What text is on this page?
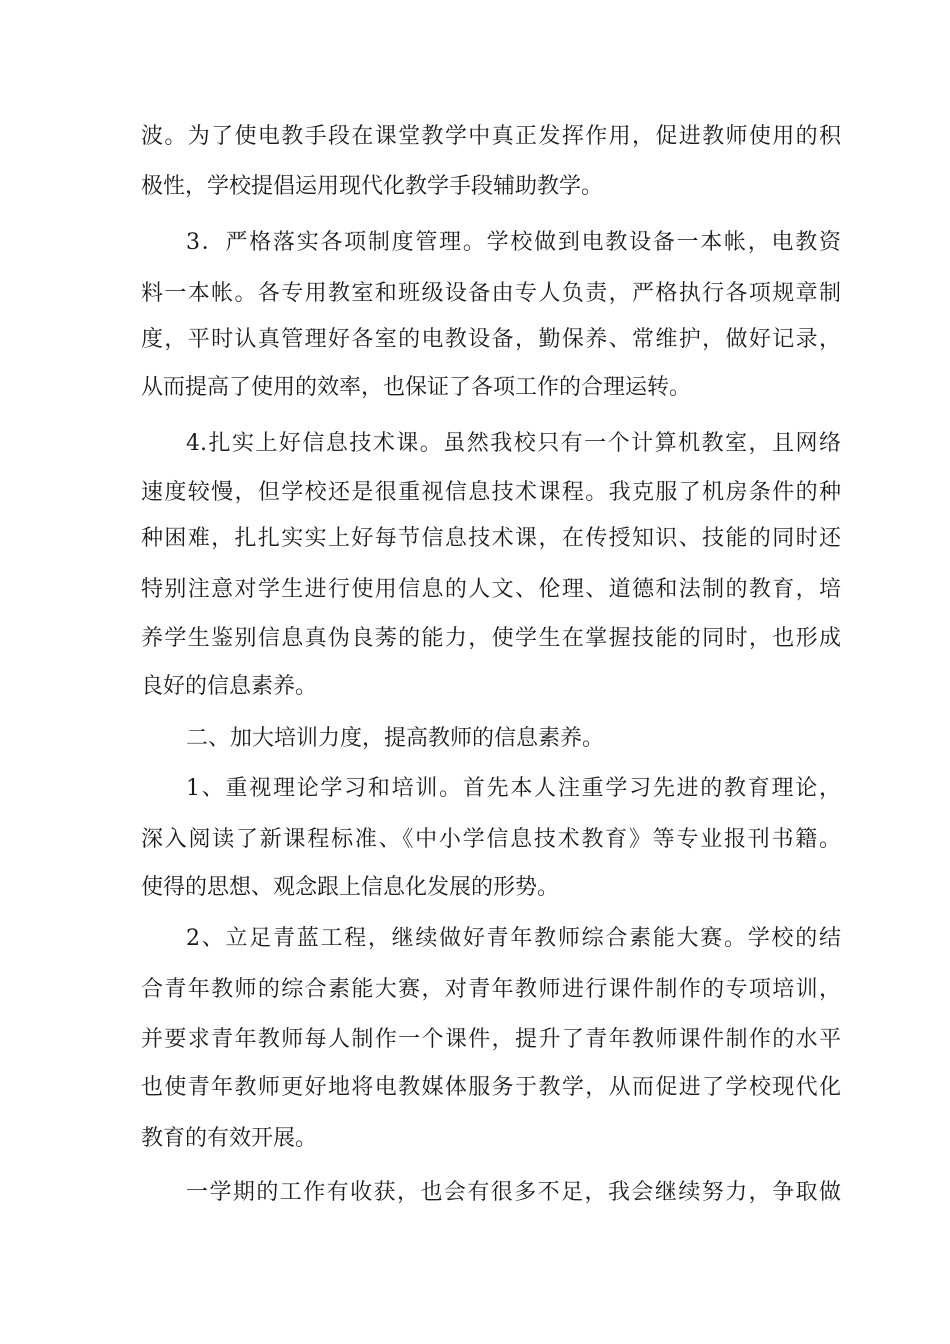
波。为了使电教手段在课堂教学中真正发挥作用，促进教师使用的积
极性，学校提倡运用现代化教学手段辅助教学。
3．严格落实各项制度管理。学校做到电教设备一本帐，电教资
料一本帐。各专用教室和班级设备由专人负责，严格执行各项规章制
度，平时认真管理好各室的电教设备，勤保养、常维护，做好记录，
从而提高了使用的效率，也保证了各项工作的合理运转。
4.扎实上好信息技术课。虽然我校只有一个计算机教室，且网络
速度较慢，但学校还是很重视信息技术课程。我克服了机房条件的种
种困难，扎扎实实上好每节信息技术课，在传授知识、技能的同时还
特别注意对学生进行使用信息的人文、伦理、道德和法制的教育，培
养学生鉴别信息真伪良莠的能力，使学生在掌握技能的同时，也形成
良好的信息素养。
二、加大培训力度，提高教师的信息素养。
1、重视理论学习和培训。首先本人注重学习先进的教育理论，
深入阅读了新课程标准、《中小学信息技术教育》等专业报刊书籍。
使得的思想、观念跟上信息化发展的形势。
2、立足青蓝工程，继续做好青年教师综合素能大赛。学校的结
合青年教师的综合素能大赛，对青年教师进行课件制作的专项培训，
并要求青年教师每人制作一个课件，提升了青年教师课件制作的水平
也使青年教师更好地将电教媒体服务于教学，从而促进了学校现代化
教育的有效开展。
一学期的工作有收获，也会有很多不足，我会继续努力，争取做
